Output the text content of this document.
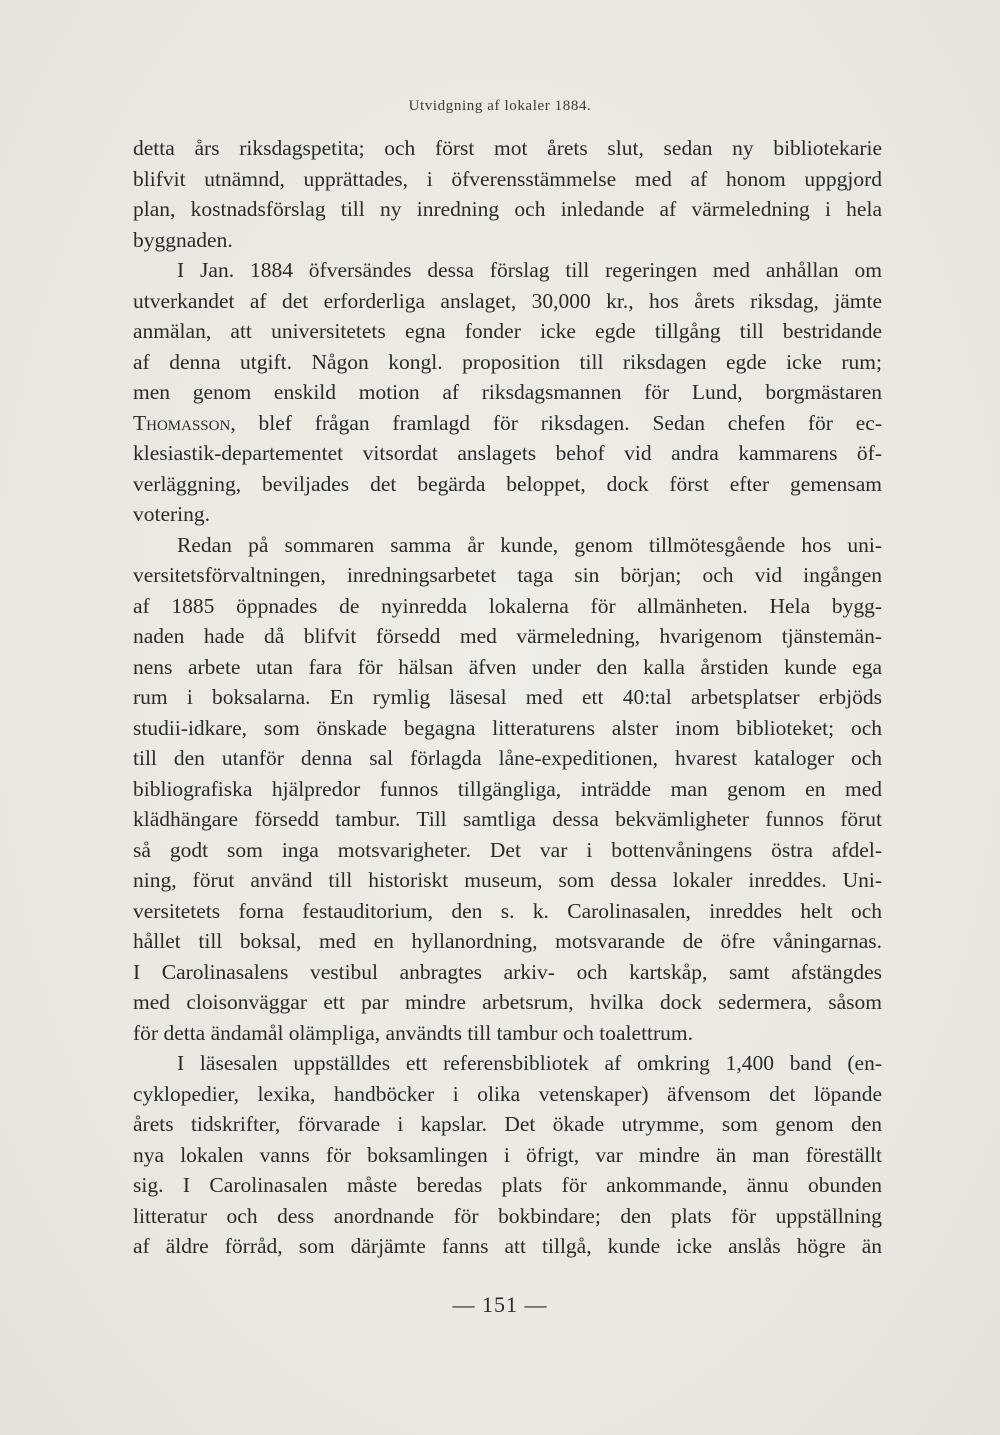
Utvidgning af lokaler 1884.
detta års riksdagspetita; och först mot årets slut, sedan ny bibliotekarie
blifvit utnämnd, upprättades, i öfverensstämmelse med af honom uppgjord
plan, kostnadsförslag till ny inredning och inledande af värmeledning i hela
byggnaden.
I Jan. 1884 öfversändes dessa förslag till regeringen med anhållan om
utverkandet af det erforderliga anslaget, 30,000 kr., hos årets riksdag, jämte
anmälan, att universitetets egna fonder icke egde tillgång till bestridande
af denna utgift. Någon kongl. proposition till riksdagen egde icke rum;
men genom enskild motion af riksdagsmannen för Lund, borgmästaren
Thomasson, blef frågan framlagd för riksdagen. Sedan chefen för ec-
klesiastik-departementet vitsordat anslagets behof vid andra kammarens öf-
verläggning, beviljades det begärda beloppet, dock först efter gemensam
votering.
Redan på sommaren samma år kunde, genom tillmötesgående hos uni-
versitetsförvaltningen, inredningsarbetet taga sin början; och vid ingången
af 1885 öppnades de nyinredda lokalerna för allmänheten. Hela bygg-
naden hade då blifvit försedd med värmeledning, hvarigenom tjänstemän-
nens arbete utan fara för hälsan äfven under den kalla årstiden kunde ega
rum i boksalarna. En rymlig läsesal med ett 40:tal arbetsplatser erbjöds
studii-idkare, som önskade begagna litteraturens alster inom biblioteket; och
till den utanför denna sal förlagda låne-expeditionen, hvarest kataloger och
bibliografiska hjälpredor funnos tillgängliga, inträdde man genom en med
klädhängare försedd tambur. Till samtliga dessa bekvämligheter funnos förut
så godt som inga motsvarigheter. Det var i bottenvåningens östra afdel-
ning, förut använd till historiskt museum, som dessa lokaler inreddes. Uni-
versitetets forna festauditorium, den s. k. Carolinasalen, inreddes helt och
hållet till boksal, med en hyllanordning, motsvarande de öfre våningarnas.
I Carolinasalens vestibul anbragtes arkiv- och kartskåp, samt afstängdes
med cloisonväggar ett par mindre arbetsrum, hvilka dock sedermera, såsom
för detta ändamål olämpliga, användts till tambur och toalettrum.
I läsesalen uppställdes ett referensbibliotek af omkring 1,400 band (en-
cyklopedier, lexika, handböcker i olika vetenskaper) äfvensom det löpande
årets tidskrifter, förvarade i kapslar. Det ökade utrymme, som genom den
nya lokalen vanns för boksamlingen i öfrigt, var mindre än man föreställt
sig. I Carolinasalen måste beredas plats för ankommande, ännu obunden
litteratur och dess anordnande för bokbindare; den plats för uppställning
af äldre förråd, som därjämte fanns att tillgå, kunde icke anslås högre än
— 151 —
